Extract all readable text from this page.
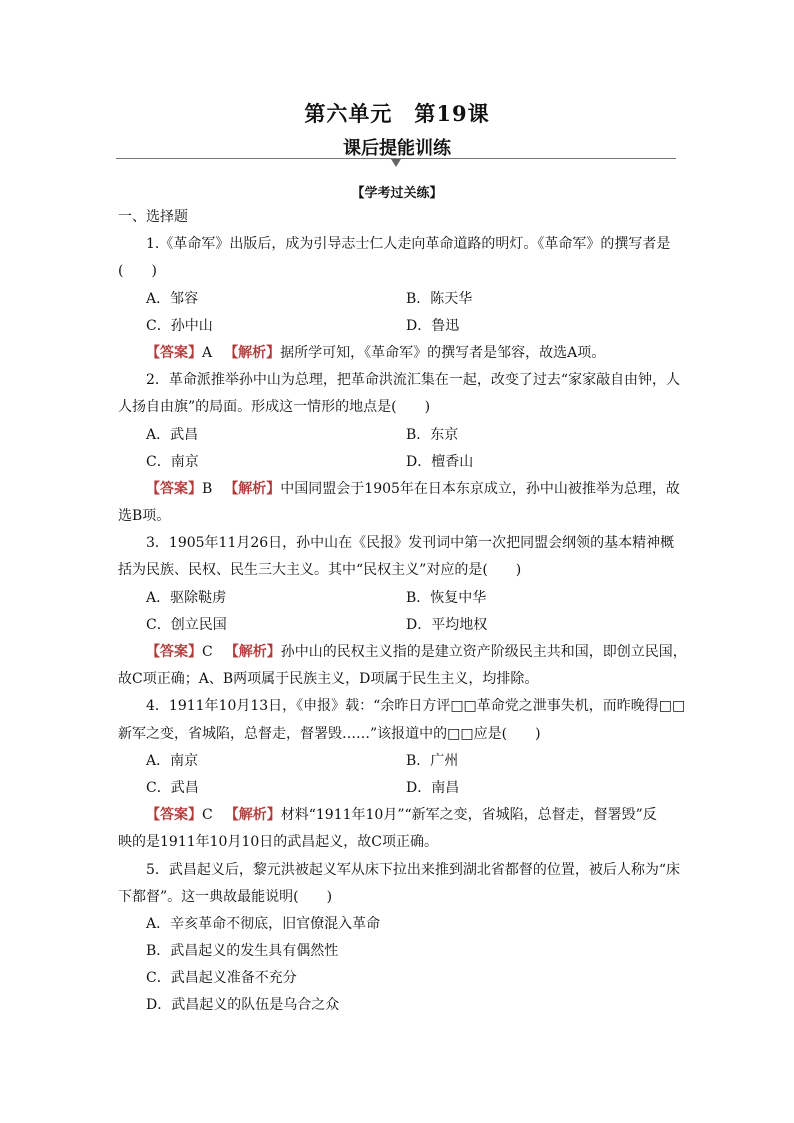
第六单元　第19课
课后提能训练
【学考过关练】
一、选择题
1.《革命军》出版后，成为引导志士仁人走向革命道路的明灯。《革命军》的撰写者是
(　　)
A．邹容	B．陈天华
C．孙中山	D．鲁迅
【答案】A 【解析】据所学可知，《革命军》的撰写者是邹容，故选A项。
2．革命派推举孙中山为总理，把革命洪流汇集在一起，改变了过去“家家敲自由钟，人
人扬自由旗”的局面。形成这一情形的地点是(　　)
A．武昌	B．东京
C．南京	D．檀香山
【答案】B 【解析】中国同盟会于1905年在日本东京成立，孙中山被推举为总理，故
选B项。
3．1905年11月26日，孙中山在《民报》发刊词中第一次把同盟会纲领的基本精神概
括为民族、民权、民生三大主义。其中“民权主义”对应的是(　　)
A．驱除鞑虏	B．恢复中华
C．创立民国	D．平均地权
【答案】C 【解析】孙中山的民权主义指的是建立资产阶级民主共和国，即创立民国，
故C项正确；A、B两项属于民族主义，D项属于民生主义，均排除。
4．1911年10月13日，《申报》载：“余昨日方评□□革命党之泄事失机，而昨晚得□□
新军之变，省城陷，总督走，督署毁……”该报道中的□□应是(　　)
A．南京	B．广州
C．武昌	D．南昌
【答案】C 【解析】材料“1911年10月”“新军之变，省城陷，总督走，督署毁”反
映的是1911年10月10日的武昌起义，故C项正确。
5．武昌起义后，黎元洪被起义军从床下拉出来推到湖北省都督的位置，被后人称为“床
下都督”。这一典故最能说明(　　)
A．辛亥革命不彻底，旧官僚混入革命
B．武昌起义的发生具有偶然性
C．武昌起义准备不充分
D．武昌起义的队伍是乌合之众
